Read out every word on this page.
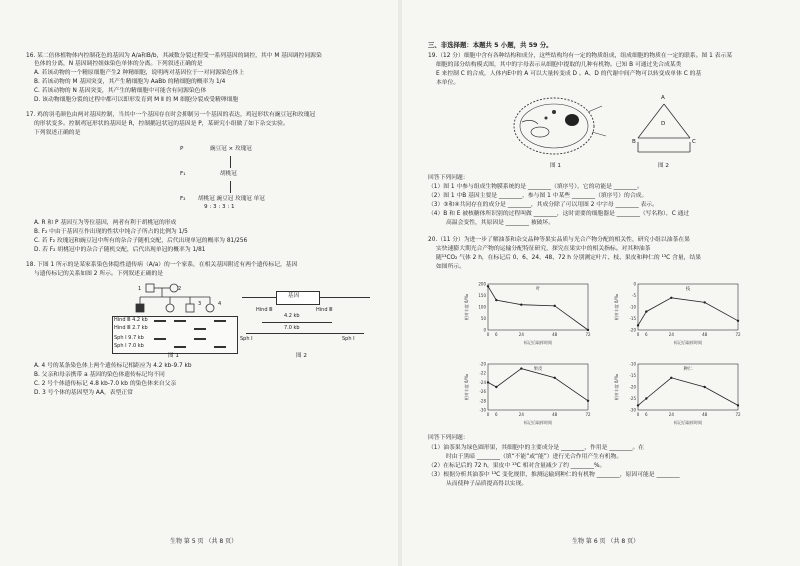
16. 某二倍体植物体内控制花色的基因为 A/a和B/b，其减数分裂过程受一系列基因的调控，其中 M 基因调控同源染
色体的分离，N 基因调控姐妹染色单体的分离。下列叙述正确的是
A. 若该动物的一个精原细胞产生2 种精细胞，说明两对基因位于一对同源染色体上
B. 若该动物的 M 基因突变，其产生精细胞为 AaBb 的精细胞的概率为 1/4
C. 若该动物的 N 基因突变，其产生的精细胞中可能含有同源染色体
D. 该动物细胞分裂的过程中都可以即形发育到 M Ⅱ 的 M 细胞分裂成受精卵细胞
17. 鸡的羽毛颜色由两对基因控制，当其中一个基因存在时会抑制另一个基因的表达，鸡冠形状有豌豆冠和玫瑰冠
的形状变多。控制鸡冠形状的基因是 R，控制鹅冠状冠的基因是 P，某研究小组做了如下杂交实验。
下列叙述正确的是
P	豌豆冠 × 玫瑰冠
F₁	胡桃冠
F₂ 胡桃冠 豌豆冠 玫瑰冠 单冠
9 : 3 : 3 : 1
A. R 和 P 基因互为等位基因，两者有利于胡桃冠的形成
B. F₂ 中由于基因互作出现的性状中纯合子所占的比例为 1/5
C. 若 F₂ 玫瑰冠和豌豆冠中所有的杂合子随机交配，后代出现单冠的概率为 81/256
D. 若 F₂ 胡桃冠中的杂合子随机交配，后代出现单冠的概率为 1/81
18. 下图 1 所示的是某家系染色体隐性遗传病（A/a）的一个家系，在相关基因附近有两个遗传标记，基因
与遗传标记的关系如图 2 所示。下列叙述正确的是
1	2
3	4
Hind Ⅲ 4.2 kb
Hind Ⅲ 2.7 kb
Sph Ⅰ 9.7 kb
Sph Ⅰ 7.0 kb
图 1
基因
Hind Ⅲ	Hind Ⅲ
4.2 kb
7.0 kb
Sph Ⅰ	Sph Ⅰ
图 2
A. 4 号的某条染色体上两个遗传标记相距应为 4.2 kb-9.7 kb
B. 父亲和母亲携带 a 基因的染色体遗传标记均不同
C. 2 号个体遗传标记 4.8 kb-7.0 kb 的染色体来自父亲
D. 3 号个体的基因型为 AA，表型正常
生物 第 5 页 （共 8 页）
三、非选择题：本题共 5 小题，共 59 分。
19.（12 分）细胞中含有各种结构和成分，这些结构均有一定的物质组成，组成细胞的物质在一定的联系。图 1 表示某
细胞的部分结构模式图，其中的字母表示从细胞中提取的几种有机物。已知 B 可通过先合成某类
E 来控制 C 的合成，人体内E中的 A 可以大量转变成 D 。A、D 的代谢中间产物可以转变成单体 C 的基
本单位。
图 1
A
B	C
D
图 2
回答下列问题：
（1）图 1 中参与组成生物膜系统的是 ________（填序号），它的功能是 ________。
（2）图 1 中B 基因主要是 ________，参与图 1 中某些 ________（填序号）的合成。
（3）③和④共同存在的成分是 ________，其成分除了可以用图 2 中字母 ________ 表示。
（4）B 和 E 被核糖体所识别的过程叫做 ________，这时需要的细胞器是 ________（写名称），C 通过
高温会变性，其原因是 ________ 被破坏。
20.（11 分）为进一步了解油茶和杂交品种等果实品质与光合产物分配的相关性，研究小组以油茶在果
实快速膨大期光合产物的运输分配特征研究，探究在果实中的相关指标。对其种油茶
随¹³CO₂ 气体 2 h，在标记后 0、6、24、48、72 h 分别测定叶片、枝、果皮和种仁的 ¹³C 含量，结果
如图所示。
0
50
100
150
200
0 6	24	48	72
叶
标记后取样时间
相对丰度 δ/‰
-20
-15
-10
-5
0
0 6	24	48	72
枝
标记后取样时间
相对丰度 δ/‰
-30
-28
-26
-24
-22
-20
0 6	24	48	72
果皮
标记后取样时间
相对丰度 δ/‰
-30
-25
-20
-15
-10
0 6	24	48	72
种仁
标记后取样时间
相对丰度 δ/‰
回答下列问题：
（1）油茶果为绿色圆形果，其细胞中的主要成分是 ________，作用是 ________。在
时由于黑暗 ________（填“不能”或“能”）进行光合作用产生有机物。
（2）在标记后的 72 h，果皮中 ¹³C 相对含量减少了约 ________%。
（3）根据分析其油茶中 ¹³C 变化规律，推测运输到种仁的有机物 ________，原因可能是 ________
从而使种子品质提高得以实现。
生物 第 6 页 （共 8 页）
